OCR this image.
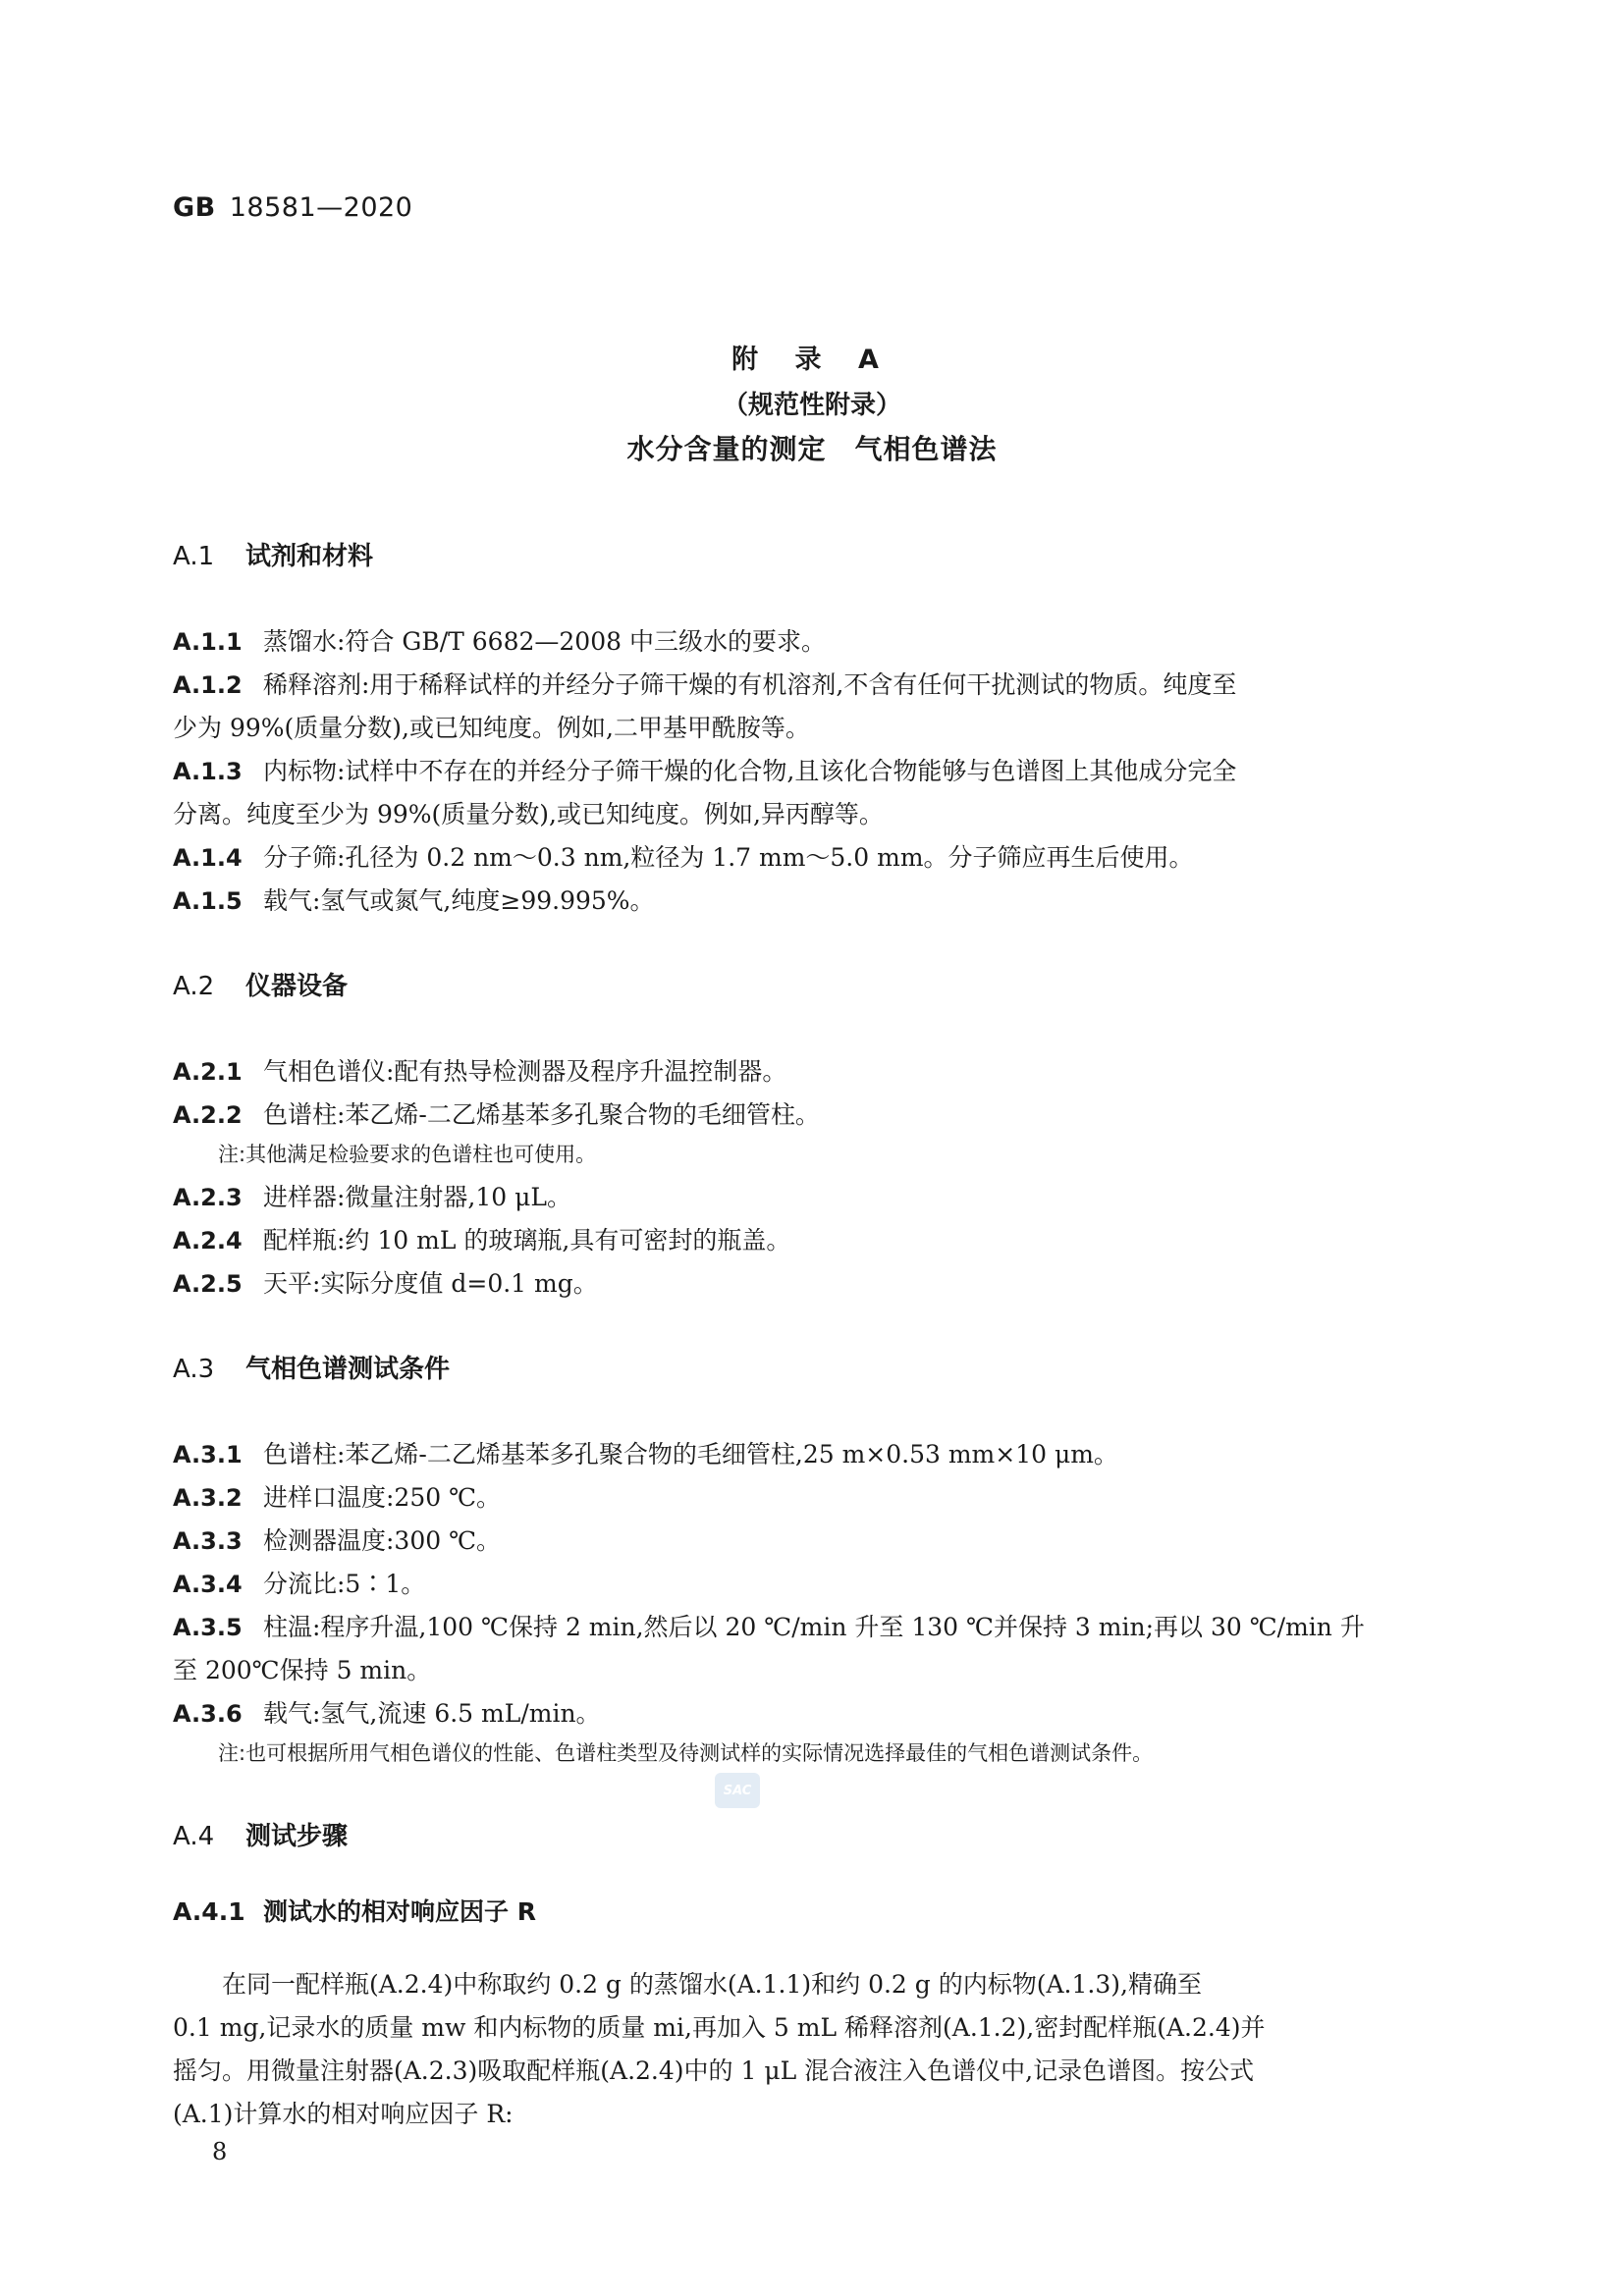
GB 18581—2020
附 录 A
（规范性附录）
水分含量的测定　气相色谱法
A.1 试剂和材料
A.1.1 蒸馏水:符合 GB/T 6682—2008 中三级水的要求。
A.1.2 稀释溶剂:用于稀释试样的并经分子筛干燥的有机溶剂,不含有任何干扰测试的物质。纯度至
少为 99%(质量分数),或已知纯度。例如,二甲基甲酰胺等。
A.1.3 内标物:试样中不存在的并经分子筛干燥的化合物,且该化合物能够与色谱图上其他成分完全
分离。纯度至少为 99%(质量分数),或已知纯度。例如,异丙醇等。
A.1.4 分子筛:孔径为 0.2 nm～0.3 nm,粒径为 1.7 mm～5.0 mm。分子筛应再生后使用。
A.1.5 载气:氢气或氮气,纯度≥99.995%。
A.2 仪器设备
A.2.1 气相色谱仪:配有热导检测器及程序升温控制器。
A.2.2 色谱柱:苯乙烯-二乙烯基苯多孔聚合物的毛细管柱。
注:其他满足检验要求的色谱柱也可使用。
A.2.3 进样器:微量注射器,10 μL。
A.2.4 配样瓶:约 10 mL 的玻璃瓶,具有可密封的瓶盖。
A.2.5 天平:实际分度值 d=0.1 mg。
A.3 气相色谱测试条件
A.3.1 色谱柱:苯乙烯-二乙烯基苯多孔聚合物的毛细管柱,25 m×0.53 mm×10 μm。
A.3.2 进样口温度:250 ℃。
A.3.3 检测器温度:300 ℃。
A.3.4 分流比:5∶1。
A.3.5 柱温:程序升温,100 ℃保持 2 min,然后以 20 ℃/min 升至 130 ℃并保持 3 min;再以 30 ℃/min 升
至 200℃保持 5 min。
A.3.6 载气:氢气,流速 6.5 mL/min。
注:也可根据所用气相色谱仪的性能、色谱柱类型及待测试样的实际情况选择最佳的气相色谱测试条件。
SAC
A.4 测试步骤
A.4.1 测试水的相对响应因子 R
　　在同一配样瓶(A.2.4)中称取约 0.2 g 的蒸馏水(A.1.1)和约 0.2 g 的内标物(A.1.3),精确至
0.1 mg,记录水的质量 mw 和内标物的质量 mi,再加入 5 mL 稀释溶剂(A.1.2),密封配样瓶(A.2.4)并
摇匀。用微量注射器(A.2.3)吸取配样瓶(A.2.4)中的 1 μL 混合液注入色谱仪中,记录色谱图。按公式
(A.1)计算水的相对响应因子 R:
8
